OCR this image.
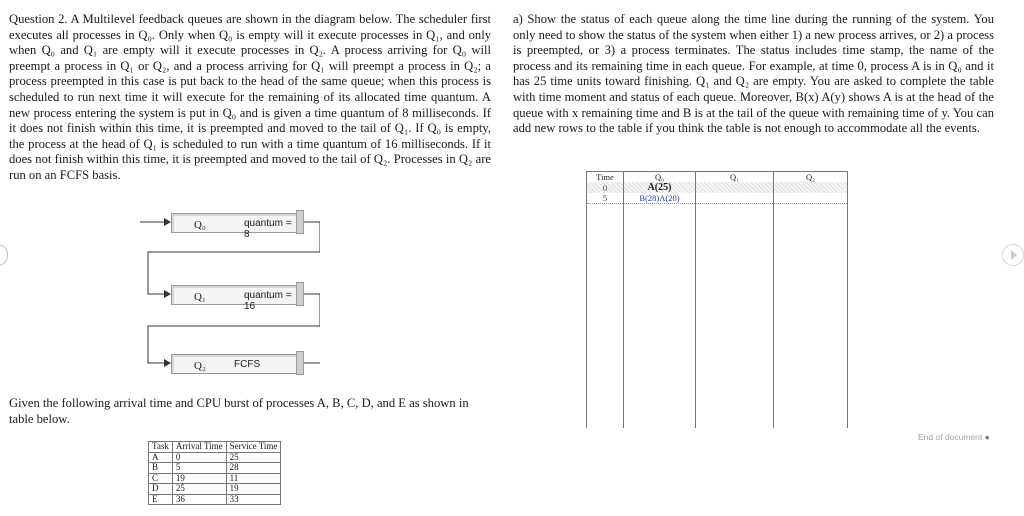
Question 2. A Multilevel feedback queues are shown in the diagram below. The scheduler first executes all processes in Q₀. Only when Q₀ is empty will it execute processes in Q₁, and only when Q₀ and Q₁ are empty will it execute processes in Q₂. A process arriving for Q₀ will preempt a process in Q₁ or Q₂, and a process arriving for Q₁ will preempt a process in Q₂; a process preempted in this case is put back to the head of the same queue; when this process is scheduled to run next time it will execute for the remaining of its allocated time quantum. A new process entering the system is put in Q₀ and is given a time quantum of 8 milliseconds. If it does not finish within this time, it is preempted and moved to the tail of Q₁. If Q₀ is empty, the process at the head of Q₁ is scheduled to run with a time quantum of 16 milliseconds. If it does not finish within this time, it is preempted and moved to the tail of Q₂. Processes in Q₂ are run on an FCFS basis.

Q₀	quantum = 8
Q₁	quantum = 16
Q₂	FCFS
Given the following arrival time and CPU burst of processes A, B, C, D, and E as shown in table below.
Task	Arrival Time	Service Time
A	0	25
B	5	28
C	19	11
D	25	19
E	36	33

a) Show the status of each queue along the time line during the running of the system. You only need to show the status of the system when either 1) a new process arrives, or 2) a process is preempted, or 3) a process terminates. The status includes time stamp, the name of the process and its remaining time in each queue. For example, at time 0, process A is in Q₀ and it has 25 time units toward finishing. Q₁ and Q₂ are empty. You are asked to complete the table with time moment and status of each queue. Moreover, B(x) A(y) shows A is at the head of the queue with x remaining time and B is at the tail of the queue with remaining time of y. You can add new rows to the table if you think the table is not enough to accommodate all the events.

Time	Q₀	Q₁	Q₂
0	A(25)		
5	B(28)A(20)		

End of document ●
